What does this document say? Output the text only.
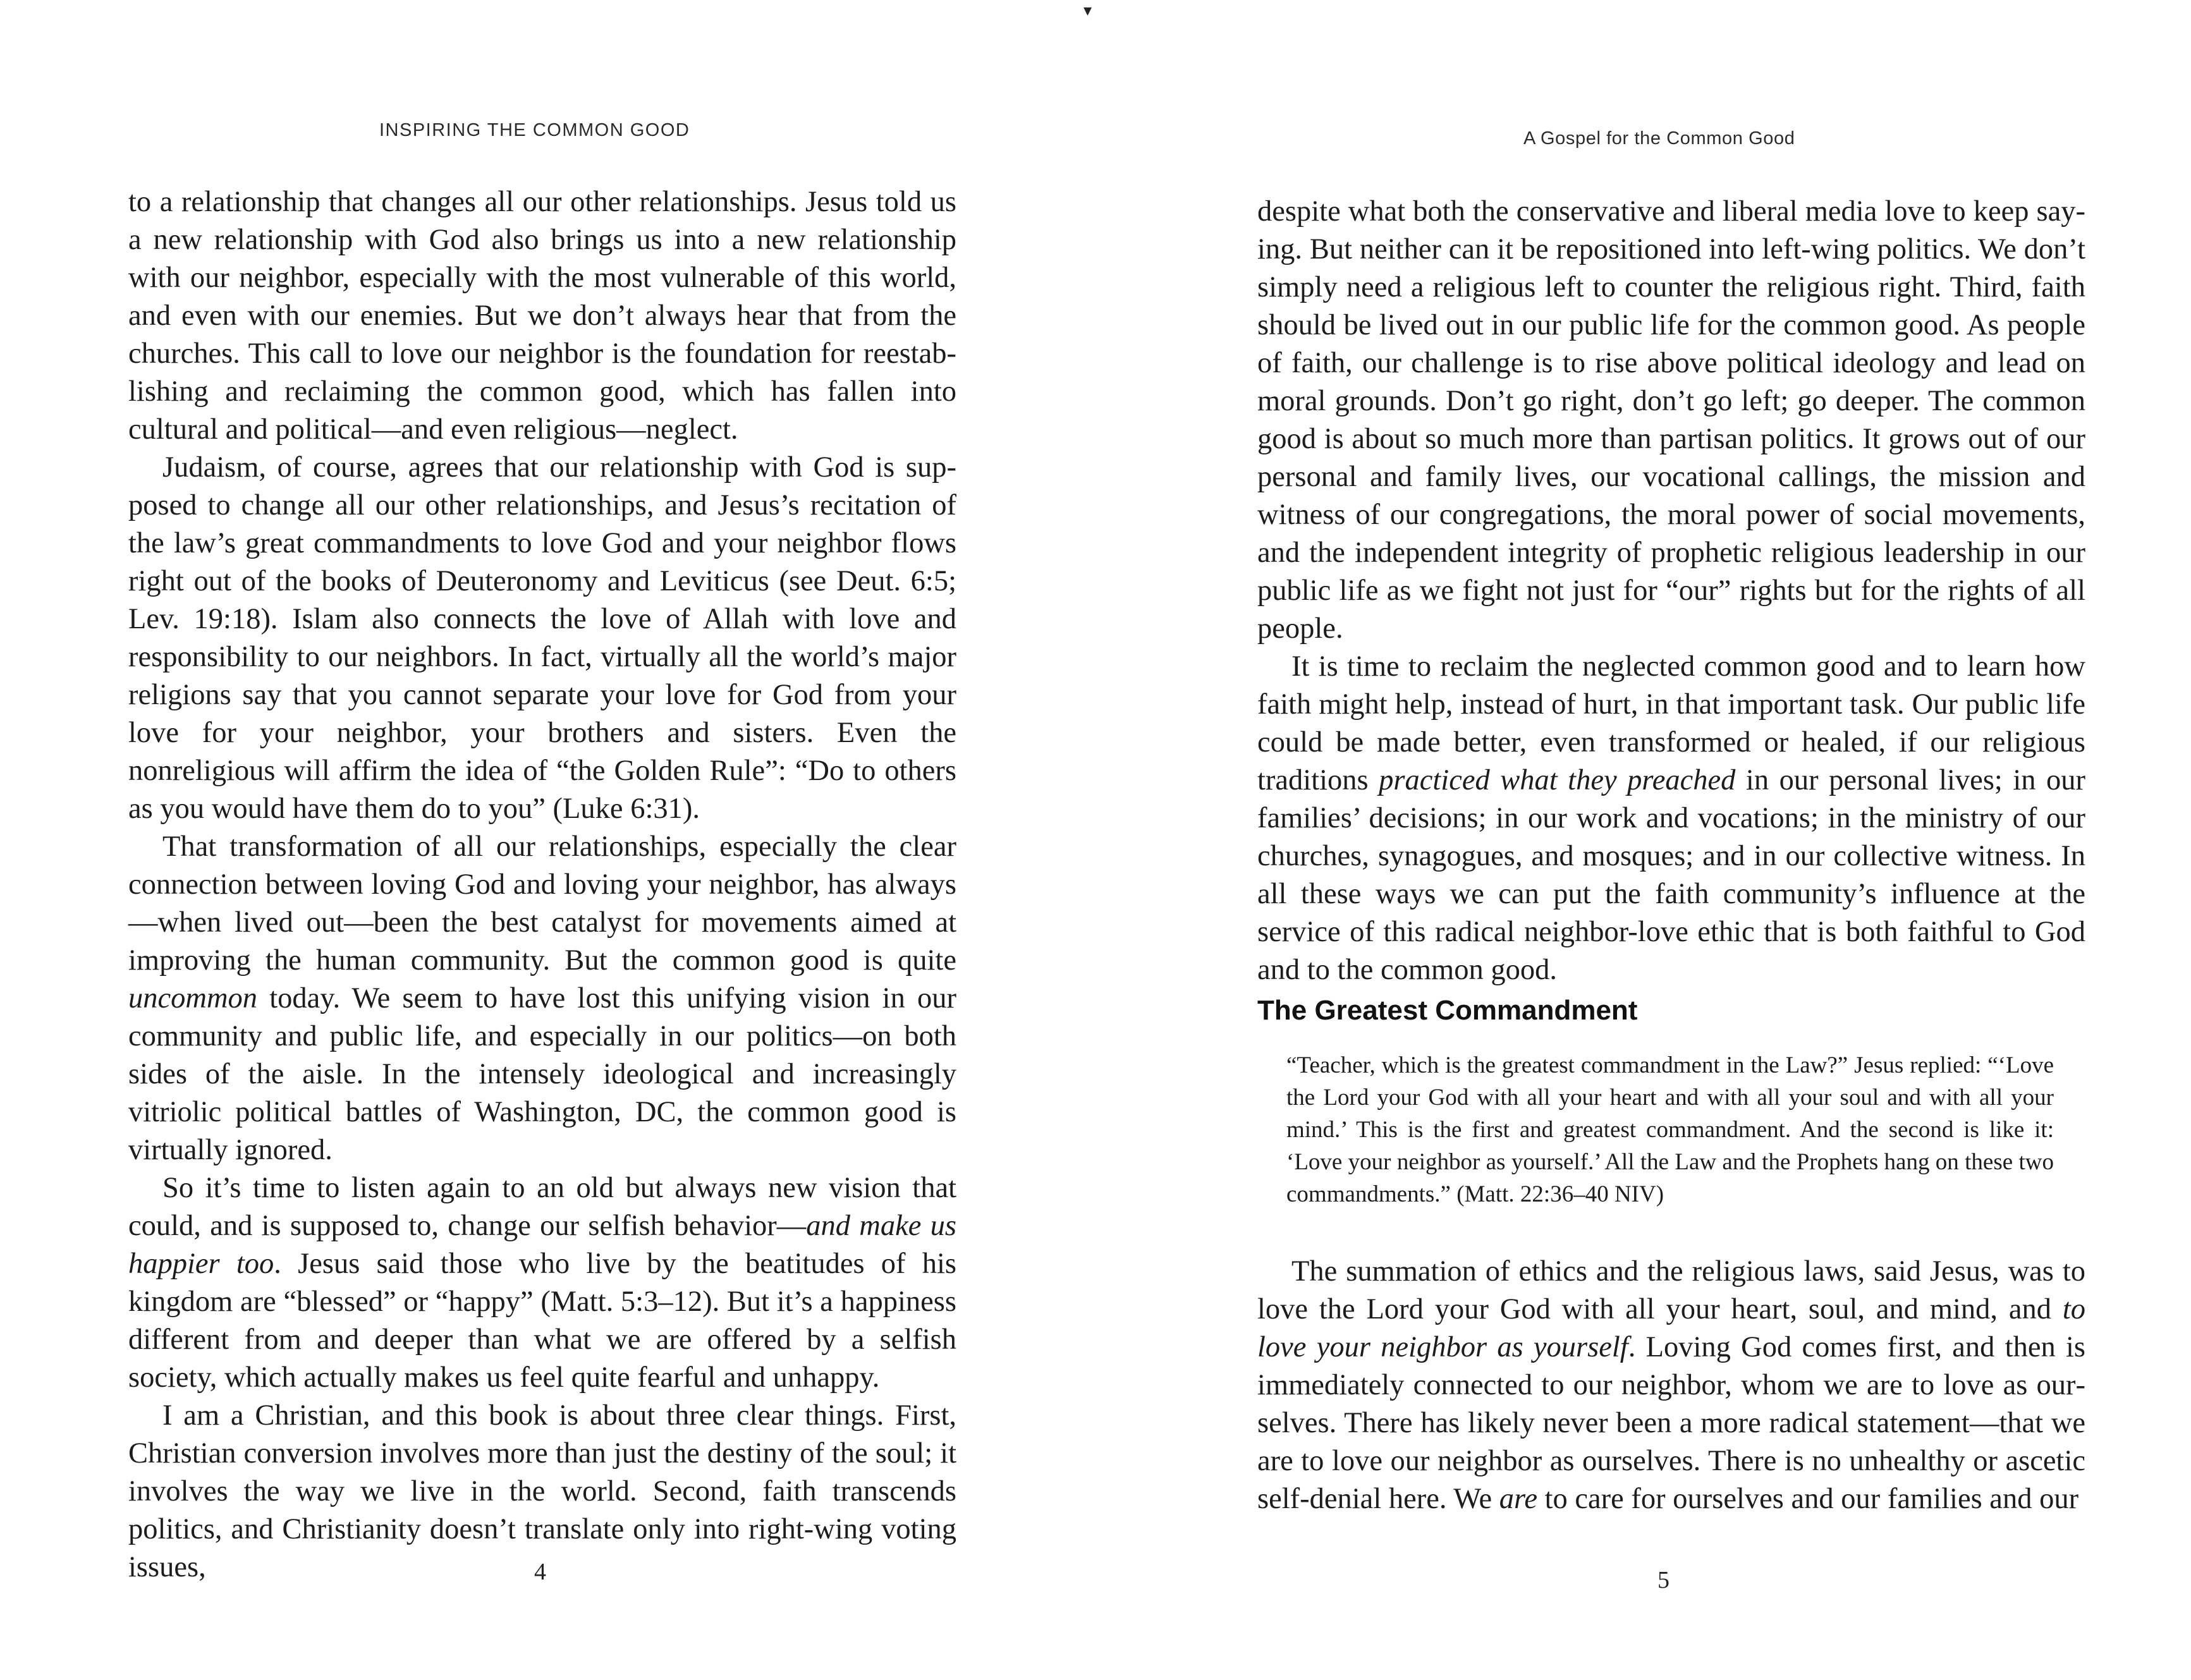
▾
INSPIRING THE COMMON GOOD

to a relationship that changes all our other relationships. Jesus told us a new relationship with God also brings us into a new relationship with our neighbor, especially with the most vulnerable of this world, and even with our enemies. But we don’t always hear that from the churches. This call to love our neighbor is the foundation for reestablishing and reclaiming the common good, which has fallen into cultural and political—and even religious—neglect.

Judaism, of course, agrees that our relationship with God is supposed to change all our other relationships, and Jesus’s recitation of the law’s great commandments to love God and your neighbor flows right out of the books of Deuteronomy and Leviticus (see Deut. 6:5; Lev. 19:18). Islam also connects the love of Allah with love and responsibility to our neighbors. In fact, virtually all the world’s major religions say that you cannot separate your love for God from your love for your neighbor, your brothers and sisters. Even the nonreligious will affirm the idea of “the Golden Rule”: “Do to others as you would have them do to you” (Luke 6:31).

That transformation of all our relationships, especially the clear connection between loving God and loving your neighbor, has always—when lived out—been the best catalyst for movements aimed at improving the human community. But the common good is quite uncommon today. We seem to have lost this unifying vision in our community and public life, and especially in our politics—on both sides of the aisle. In the intensely ideological and increasingly vitriolic political battles of Washington, DC, the common good is virtually ignored.

So it’s time to listen again to an old but always new vision that could, and is supposed to, change our selfish behavior—and make us happier too. Jesus said those who live by the beatitudes of his kingdom are “blessed” or “happy” (Matt. 5:3–12). But it’s a happiness different from and deeper than what we are offered by a selfish society, which actually makes us feel quite fearful and unhappy.

I am a Christian, and this book is about three clear things. First, Christian conversion involves more than just the destiny of the soul; it involves the way we live in the world. Second, faith transcends politics, and Christianity doesn’t translate only into right-wing voting issues,	4
A Gospel for the Common Good

despite what both the conservative and liberal media love to keep saying. But neither can it be repositioned into left-wing politics. We don’t simply need a religious left to counter the religious right. Third, faith should be lived out in our public life for the common good. As people of faith, our challenge is to rise above political ideology and lead on moral grounds. Don’t go right, don’t go left; go deeper. The common good is about so much more than partisan politics. It grows out of our personal and family lives, our vocational callings, the mission and witness of our congregations, the moral power of social movements, and the independent integrity of prophetic religious leadership in our public life as we fight not just for “our” rights but for the rights of all people.

It is time to reclaim the neglected common good and to learn how faith might help, instead of hurt, in that important task. Our public life could be made better, even transformed or healed, if our religious traditions practiced what they preached in our personal lives; in our families’ decisions; in our work and vocations; in the ministry of our churches, synagogues, and mosques; and in our collective witness. In all these ways we can put the faith community’s influence at the service of this radical neighbor-love ethic that is both faithful to God and to the common good.

The Greatest Commandment

“Teacher, which is the greatest commandment in the Law?” Jesus replied: “‘Love the Lord your God with all your heart and with all your soul and with all your mind.’ This is the first and greatest commandment. And the second is like it: ‘Love your neighbor as yourself.’ All the Law and the Prophets hang on these two commandments.” (Matt. 22:36–40 NIV)

The summation of ethics and the religious laws, said Jesus, was to love the Lord your God with all your heart, soul, and mind, and to love your neighbor as yourself. Loving God comes first, and then is immediately connected to our neighbor, whom we are to love as ourselves. There has likely never been a more radical statement—that we are to love our neighbor as ourselves. There is no unhealthy or ascetic self-denial here. We are to care for ourselves and our families and our

5
